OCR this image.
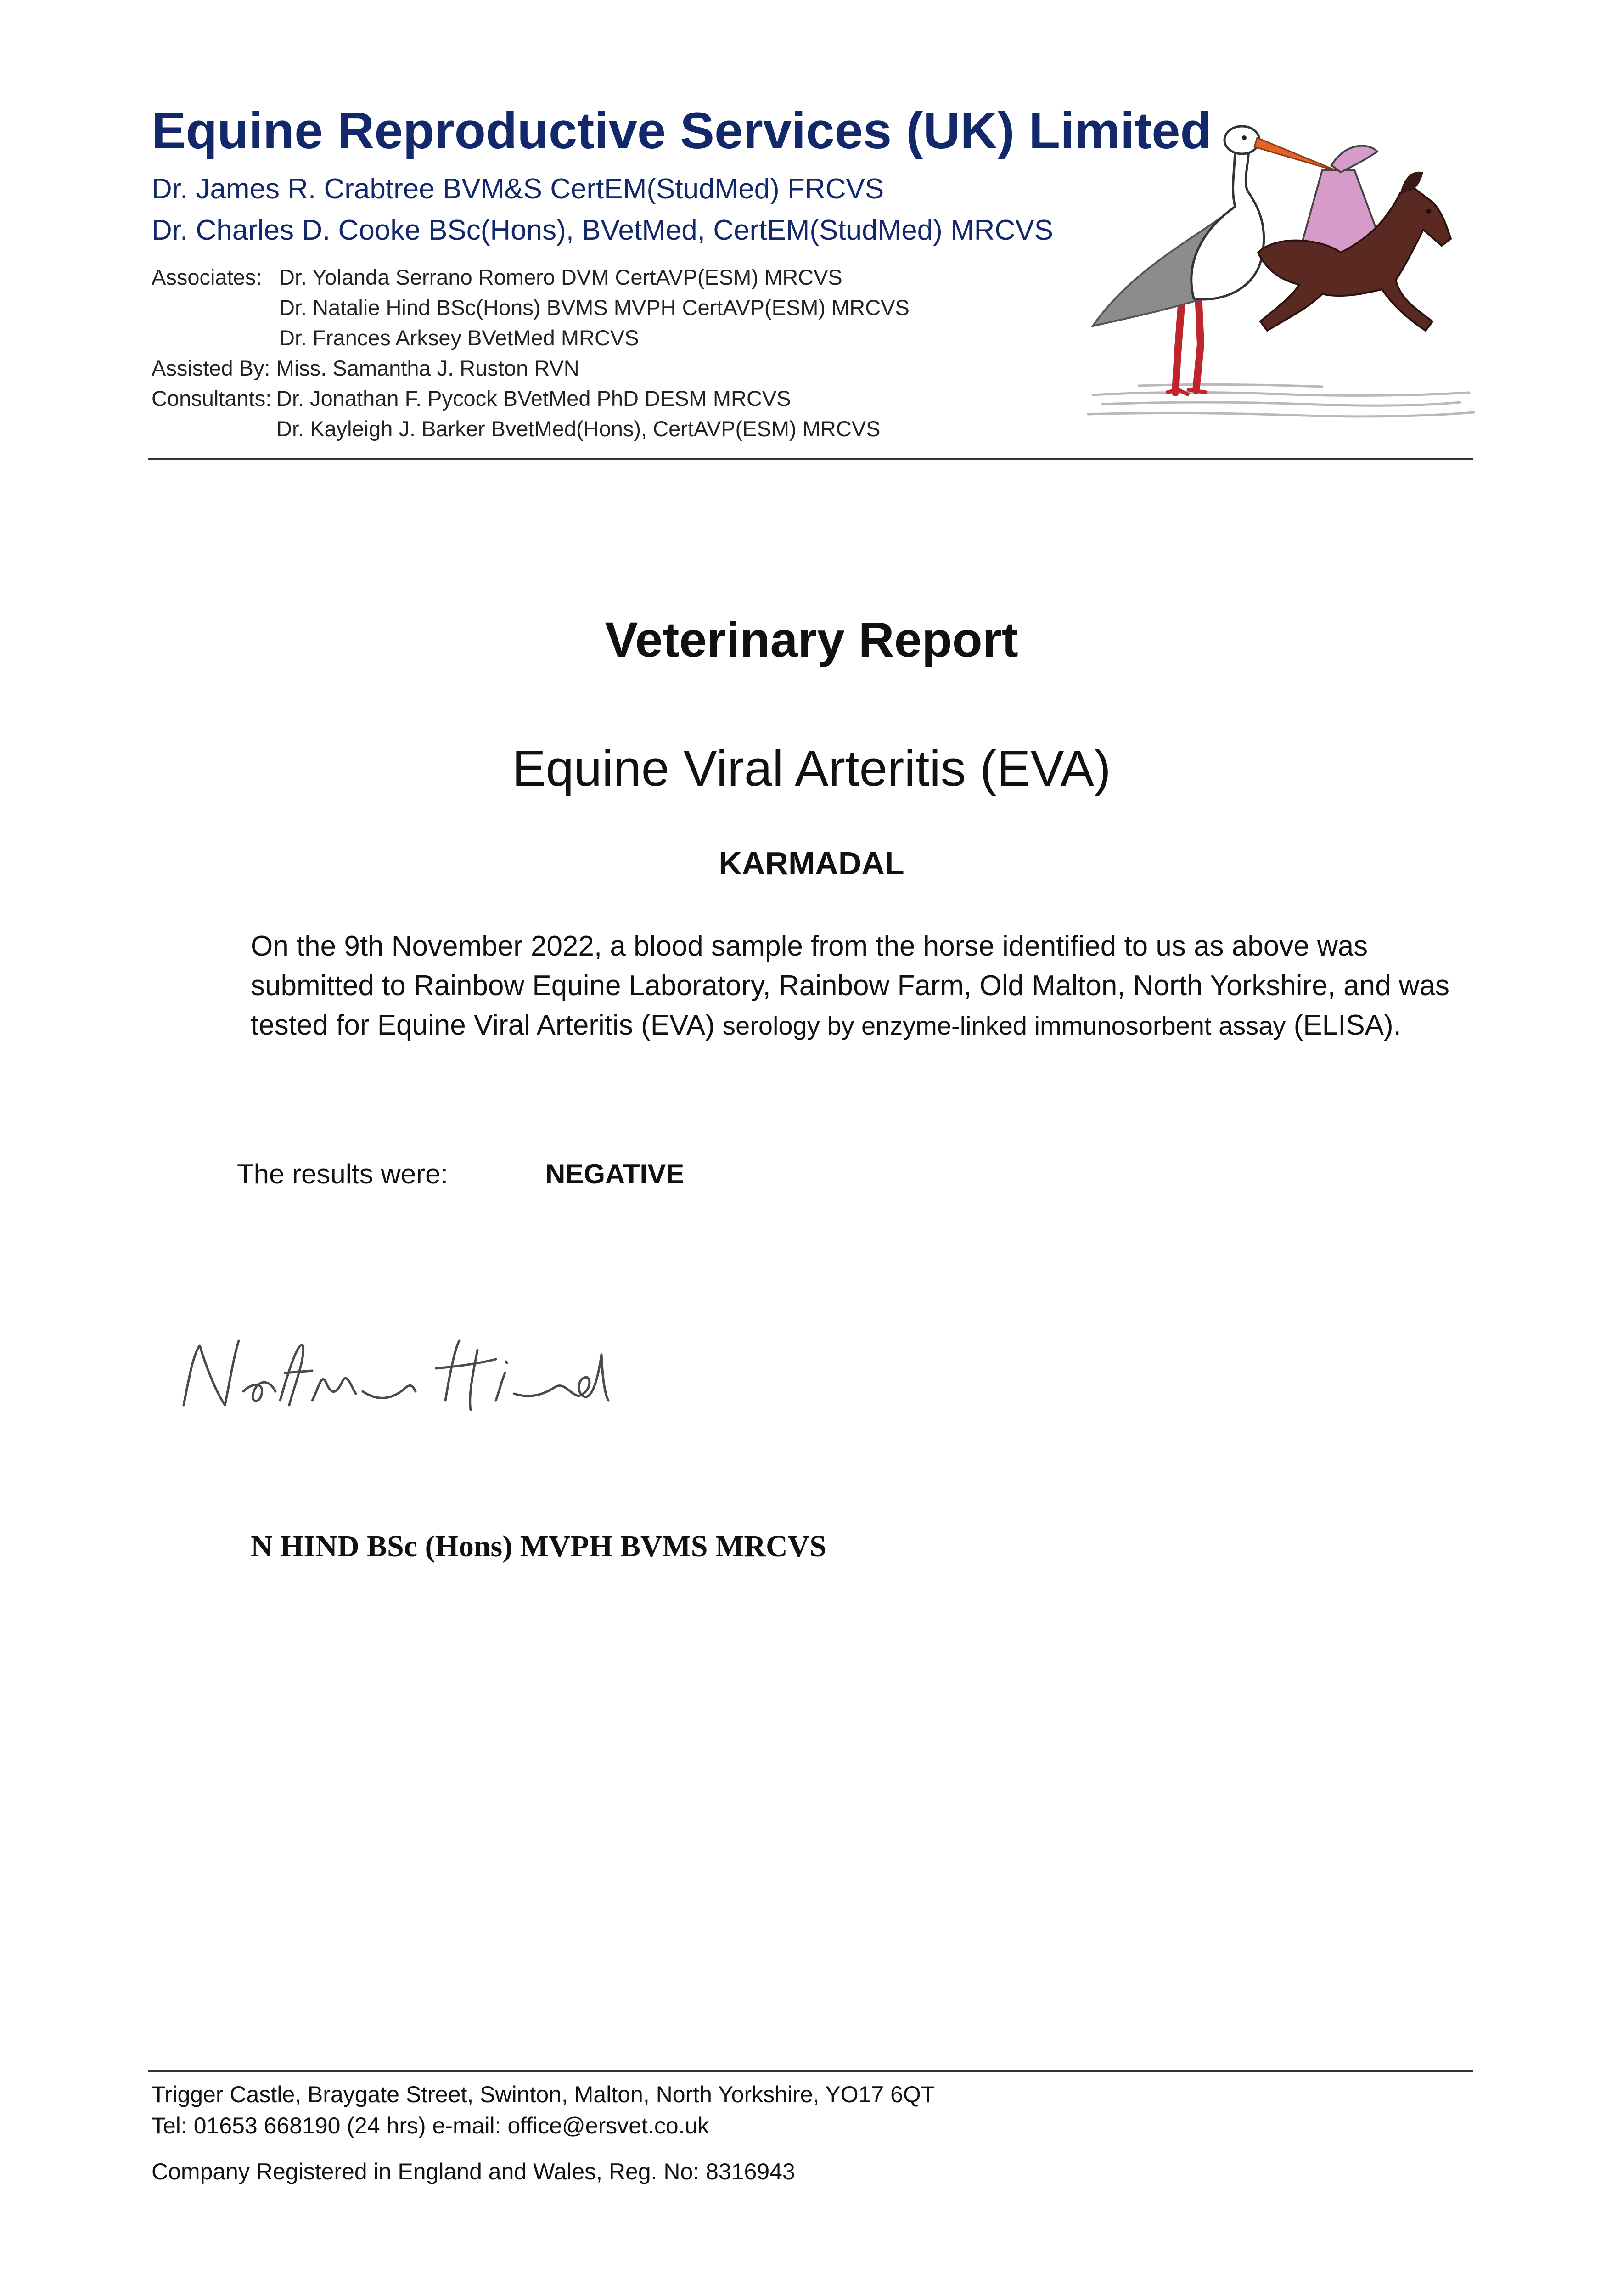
Equine Reproductive Services (UK) Limited
Dr. James R. Crabtree BVM&S CertEM(StudMed) FRCVS
Dr. Charles D. Cooke BSc(Hons), BVetMed, CertEM(StudMed) MRCVS
Associates: Dr. Yolanda Serrano Romero DVM CertAVP(ESM) MRCVS
Dr. Natalie Hind BSc(Hons) BVMS MVPH CertAVP(ESM) MRCVS
Dr. Frances Arksey BVetMed MRCVS
Assisted By: Miss. Samantha J. Ruston RVN
Consultants: Dr. Jonathan F. Pycock BVetMed PhD DESM MRCVS
Dr. Kayleigh J. Barker BvetMed(Hons), CertAVP(ESM) MRCVS
Veterinary Report
Equine Viral Arteritis (EVA)
KARMADAL

On the 9th November 2022, a blood sample from the horse identified to us as above was submitted to Rainbow Equine Laboratory, Rainbow Farm, Old Malton, North Yorkshire, and was tested for Equine Viral Arteritis (EVA) serology by enzyme-linked immunosorbent assay (ELISA).

The results were:	NEGATIVE
N HIND BSc (Hons) MVPH BVMS MRCVS
Trigger Castle, Braygate Street, Swinton, Malton, North Yorkshire, YO17 6QT
Tel: 01653 668190 (24 hrs) e-mail: office@ersvet.co.uk
Company Registered in England and Wales, Reg. No: 8316943
